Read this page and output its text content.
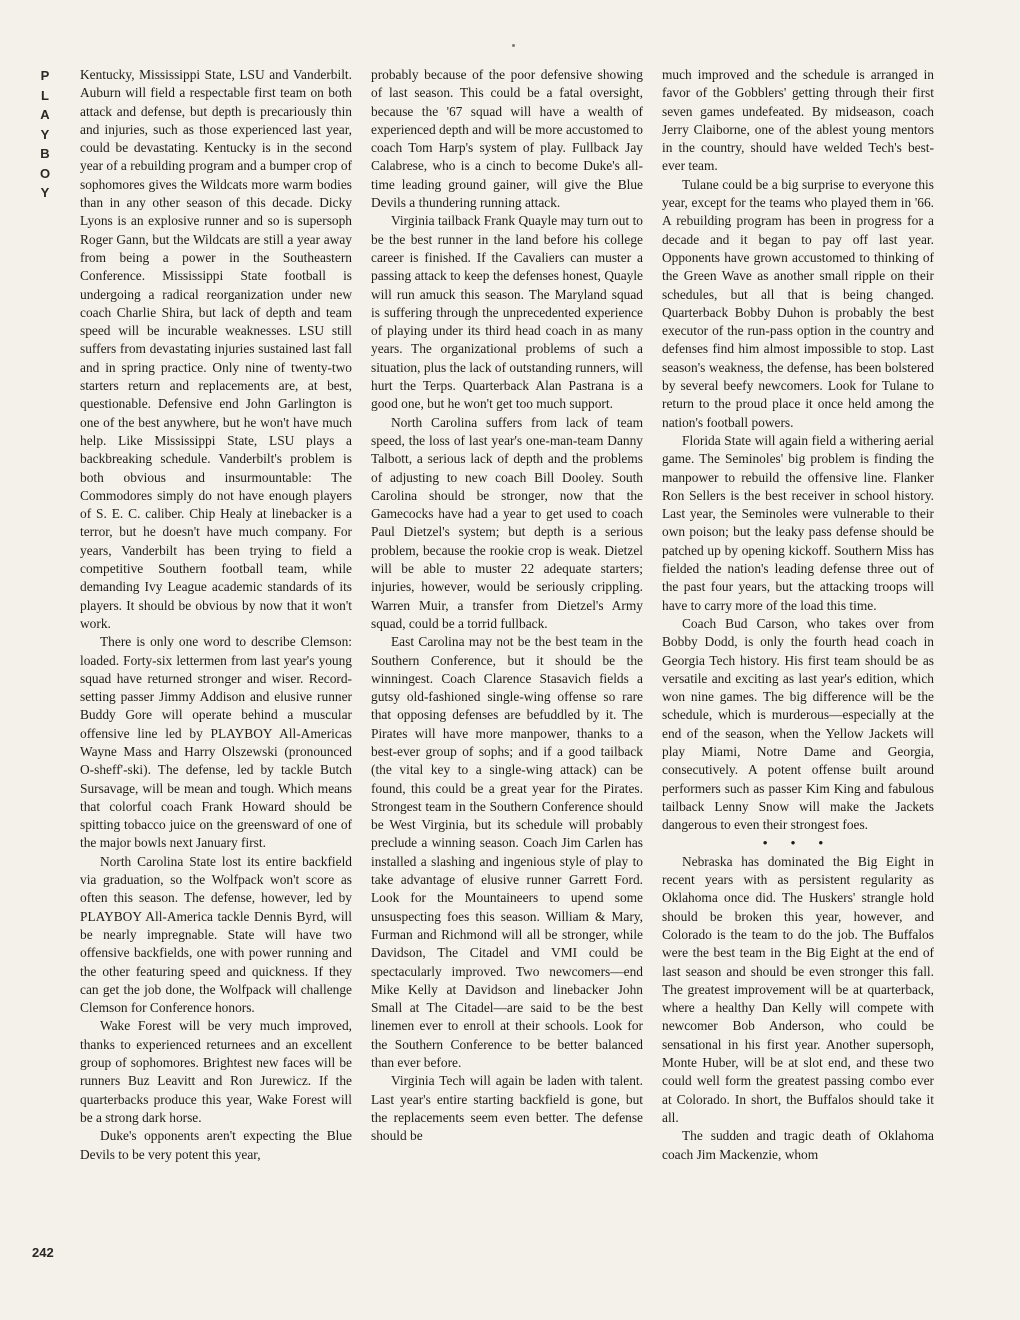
P
L
A
Y
B
O
Y

Kentucky, Mississippi State, LSU and Vanderbilt. Auburn will field a respectable first team on both attack and defense, but depth is precariously thin and injuries, such as those experienced last year, could be devastating. Kentucky is in the second year of a rebuilding program and a bumper crop of sophomores gives the Wildcats more warm bodies than in any other season of this decade. Dicky Lyons is an explosive runner and so is supersoph Roger Gann, but the Wildcats are still a year away from being a power in the Southeastern Conference. Mississippi State football is undergoing a radical reorganization under new coach Charlie Shira, but lack of depth and team speed will be incurable weaknesses. LSU still suffers from devastating injuries sustained last fall and in spring practice. Only nine of twenty-two starters return and replacements are, at best, questionable. Defensive end John Garlington is one of the best anywhere, but he won't have much help. Like Mississippi State, LSU plays a backbreaking schedule. Vanderbilt's problem is both obvious and insurmountable: The Commodores simply do not have enough players of S. E. C. caliber. Chip Healy at linebacker is a terror, but he doesn't have much company. For years, Vanderbilt has been trying to field a competitive Southern football team, while demanding Ivy League academic standards of its players. It should be obvious by now that it won't work.

There is only one word to describe Clemson: loaded. Forty-six lettermen from last year's young squad have returned stronger and wiser. Record-setting passer Jimmy Addison and elusive runner Buddy Gore will operate behind a muscular offensive line led by PLAYBOY All-Americas Wayne Mass and Harry Olszewski (pronounced O-sheff'-ski). The defense, led by tackle Butch Sursavage, will be mean and tough. Which means that colorful coach Frank Howard should be spitting tobacco juice on the greensward of one of the major bowls next January first.

North Carolina State lost its entire backfield via graduation, so the Wolfpack won't score as often this season. The defense, however, led by PLAYBOY All-America tackle Dennis Byrd, will be nearly impregnable. State will have two offensive backfields, one with power running and the other featuring speed and quickness. If they can get the job done, the Wolfpack will challenge Clemson for Conference honors.

Wake Forest will be very much improved, thanks to experienced returnees and an excellent group of sophomores. Brightest new faces will be runners Buz Leavitt and Ron Jurewicz. If the quarterbacks produce this year, Wake Forest will be a strong dark horse.

Duke's opponents aren't expecting the Blue Devils to be very potent this year,

probably because of the poor defensive showing of last season. This could be a fatal oversight, because the '67 squad will have a wealth of experienced depth and will be more accustomed to coach Tom Harp's system of play. Fullback Jay Calabrese, who is a cinch to become Duke's all-time leading ground gainer, will give the Blue Devils a thundering running attack.

Virginia tailback Frank Quayle may turn out to be the best runner in the land before his college career is finished. If the Cavaliers can muster a passing attack to keep the defenses honest, Quayle will run amuck this season. The Maryland squad is suffering through the unprecedented experience of playing under its third head coach in as many years. The organizational problems of such a situation, plus the lack of outstanding runners, will hurt the Terps. Quarterback Alan Pastrana is a good one, but he won't get too much support.

North Carolina suffers from lack of team speed, the loss of last year's one-man-team Danny Talbott, a serious lack of depth and the problems of adjusting to new coach Bill Dooley. South Carolina should be stronger, now that the Gamecocks have had a year to get used to coach Paul Dietzel's system; but depth is a serious problem, because the rookie crop is weak. Dietzel will be able to muster 22 adequate starters; injuries, however, would be seriously crippling. Warren Muir, a transfer from Dietzel's Army squad, could be a torrid fullback.

East Carolina may not be the best team in the Southern Conference, but it should be the winningest. Coach Clarence Stasavich fields a gutsy old-fashioned single-wing offense so rare that opposing defenses are befuddled by it. The Pirates will have more manpower, thanks to a best-ever group of sophs; and if a good tailback (the vital key to a single-wing attack) can be found, this could be a great year for the Pirates. Strongest team in the Southern Conference should be West Virginia, but its schedule will probably preclude a winning season. Coach Jim Carlen has installed a slashing and ingenious style of play to take advantage of elusive runner Garrett Ford. Look for the Mountaineers to upend some unsuspecting foes this season. William & Mary, Furman and Richmond will all be stronger, while Davidson, The Citadel and VMI could be spectacularly improved. Two newcomers—end Mike Kelly at Davidson and linebacker John Small at The Citadel—are said to be the best linemen ever to enroll at their schools. Look for the Southern Conference to be better balanced than ever before.

Virginia Tech will again be laden with talent. Last year's entire starting backfield is gone, but the replacements seem even better. The defense should be

much improved and the schedule is arranged in favor of the Gobblers' getting through their first seven games undefeated. By midseason, coach Jerry Claiborne, one of the ablest young mentors in the country, should have welded Tech's best-ever team.

Tulane could be a big surprise to everyone this year, except for the teams who played them in '66. A rebuilding program has been in progress for a decade and it began to pay off last year. Opponents have grown accustomed to thinking of the Green Wave as another small ripple on their schedules, but all that is being changed. Quarterback Bobby Duhon is probably the best executor of the run-pass option in the country and defenses find him almost impossible to stop. Last season's weakness, the defense, has been bolstered by several beefy newcomers. Look for Tulane to return to the proud place it once held among the nation's football powers.

Florida State will again field a withering aerial game. The Seminoles' big problem is finding the manpower to rebuild the offensive line. Flanker Ron Sellers is the best receiver in school history. Last year, the Seminoles were vulnerable to their own poison; but the leaky pass defense should be patched up by opening kickoff. Southern Miss has fielded the nation's leading defense three out of the past four years, but the attacking troops will have to carry more of the load this time.

Coach Bud Carson, who takes over from Bobby Dodd, is only the fourth head coach in Georgia Tech history. His first team should be as versatile and exciting as last year's edition, which won nine games. The big difference will be the schedule, which is murderous—especially at the end of the season, when the Yellow Jackets will play Miami, Notre Dame and Georgia, consecutively. A potent offense built around performers such as passer Kim King and fabulous tailback Lenny Snow will make the Jackets dangerous to even their strongest foes.

• • •

Nebraska has dominated the Big Eight in recent years with as persistent regularity as Oklahoma once did. The Huskers' strangle hold should be broken this year, however, and Colorado is the team to do the job. The Buffalos were the best team in the Big Eight at the end of last season and should be even stronger this fall. The greatest improvement will be at quarterback, where a healthy Dan Kelly will compete with newcomer Bob Anderson, who could be sensational in his first year. Another supersoph, Monte Huber, will be at slot end, and these two could well form the greatest passing combo ever at Colorado. In short, the Buffalos should take it all.

The sudden and tragic death of Oklahoma coach Jim Mackenzie, whom

242
